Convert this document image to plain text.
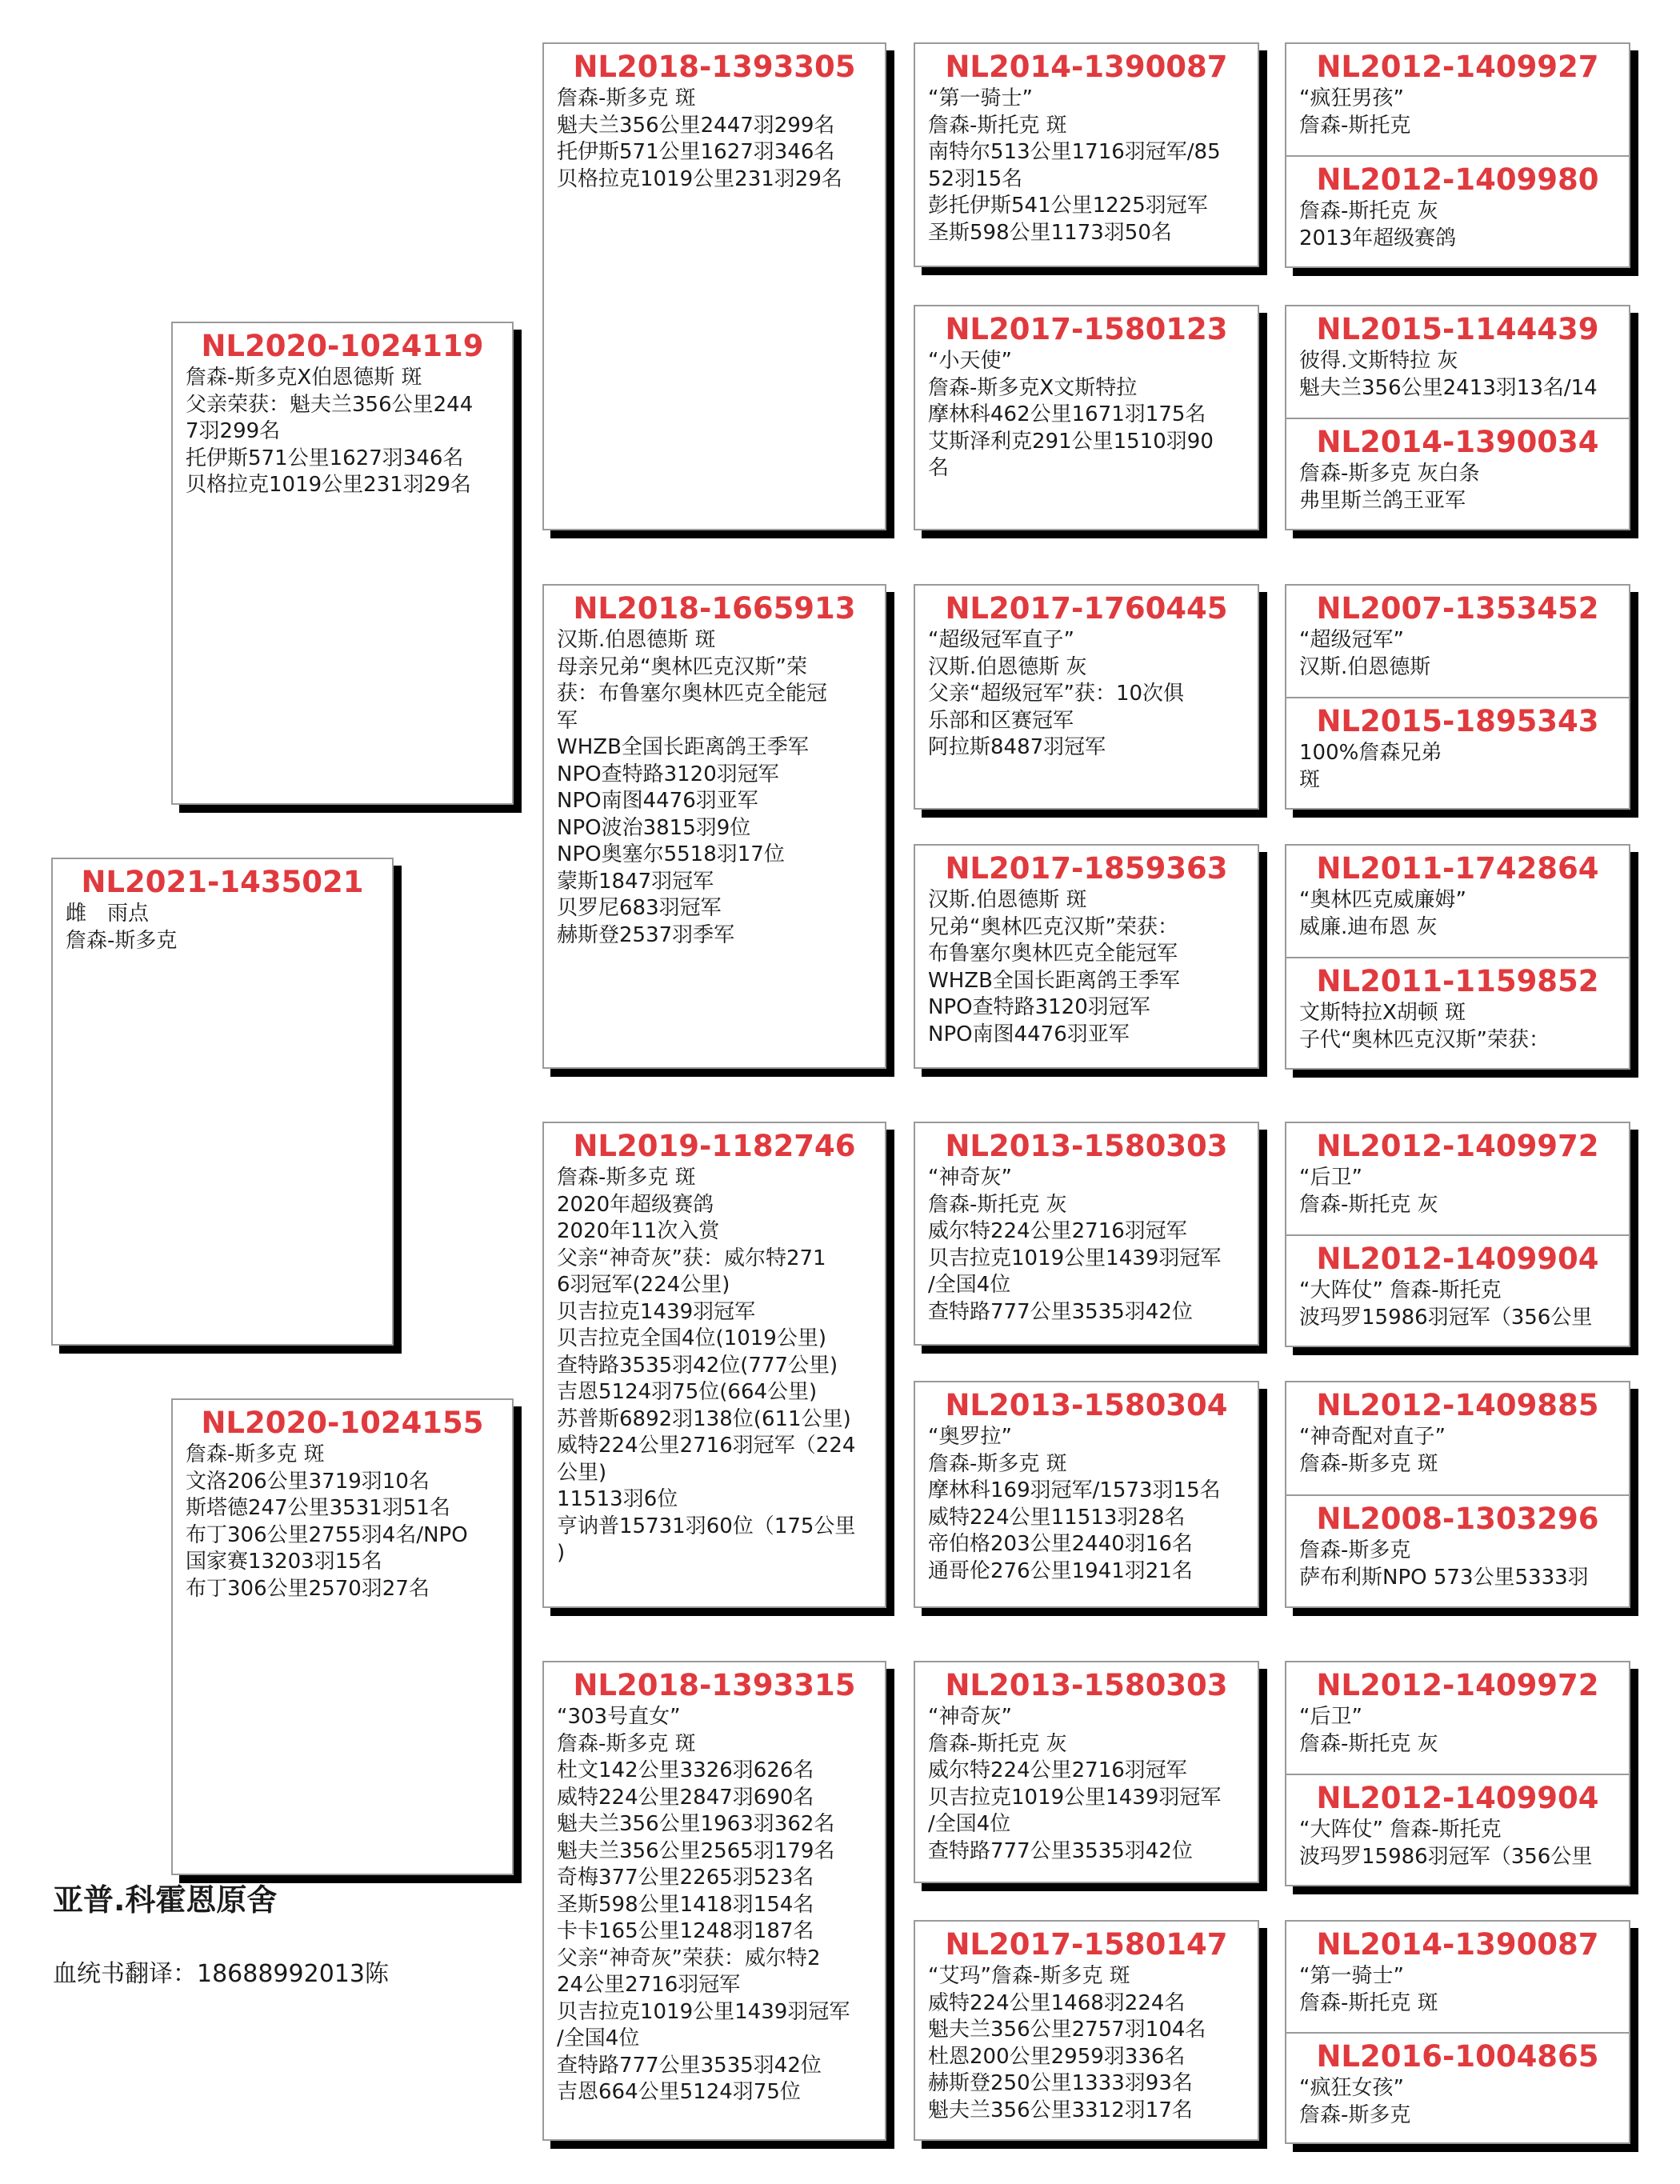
NL2021-1435021
雌　雨点
詹森-斯多克
NL2020-1024119
詹森-斯多克X伯恩德斯 斑
父亲荣获：魁夫兰356公里244
7羽299名
托伊斯571公里1627羽346名
贝格拉克1019公里231羽29名
NL2020-1024155
詹森-斯多克 斑
文洛206公里3719羽10名
斯塔德247公里3531羽51名
布丁306公里2755羽4名/NPO
国家赛13203羽15名
布丁306公里2570羽27名
NL2018-1393305
詹森-斯多克 斑
魁夫兰356公里2447羽299名
托伊斯571公里1627羽346名
贝格拉克1019公里231羽29名
NL2018-1665913
汉斯.伯恩德斯 斑
母亲兄弟“奥林匹克汉斯”荣
获：布鲁塞尔奥林匹克全能冠
军
WHZB全国长距离鸽王季军
NPO查特路3120羽冠军
NPO南图4476羽亚军
NPO波治3815羽9位
NPO奥塞尔5518羽17位
蒙斯1847羽冠军
贝罗尼683羽冠军
赫斯登2537羽季军
NL2019-1182746
詹森-斯多克 斑
2020年超级赛鸽
2020年11次入赏
父亲“神奇灰”获：威尔特271
6羽冠军(224公里)
贝吉拉克1439羽冠军
贝吉拉克全国4位(1019公里)
查特路3535羽42位(777公里)
吉恩5124羽75位(664公里)
苏普斯6892羽138位(611公里)
威特224公里2716羽冠军（224
公里)
11513羽6位
亨讷普15731羽60位（175公里
)
NL2018-1393315
“303号直女”
詹森-斯多克 斑
杜文142公里3326羽626名
威特224公里2847羽690名
魁夫兰356公里1963羽362名
魁夫兰356公里2565羽179名
奇梅377公里2265羽523名
圣斯598公里1418羽154名
卡卡165公里1248羽187名
父亲“神奇灰”荣获：威尔特2
24公里2716羽冠军
贝吉拉克1019公里1439羽冠军
/全国4位
查特路777公里3535羽42位
吉恩664公里5124羽75位
NL2014-1390087
“第一骑士”
詹森-斯托克 斑
南特尔513公里1716羽冠军/85
52羽15名
彭托伊斯541公里1225羽冠军
圣斯598公里1173羽50名
NL2017-1580123
“小天使”
詹森-斯多克X文斯特拉
摩林科462公里1671羽175名
艾斯泽利克291公里1510羽90
名
NL2017-1760445
“超级冠军直子”
汉斯.伯恩德斯 灰
父亲“超级冠军”获：10次俱
乐部和区赛冠军
阿拉斯8487羽冠军
NL2017-1859363
汉斯.伯恩德斯 斑
兄弟“奥林匹克汉斯”荣获：
布鲁塞尔奥林匹克全能冠军
WHZB全国长距离鸽王季军
NPO查特路3120羽冠军
NPO南图4476羽亚军
NL2013-1580303
“神奇灰”
詹森-斯托克 灰
威尔特224公里2716羽冠军
贝吉拉克1019公里1439羽冠军
/全国4位
查特路777公里3535羽42位
NL2013-1580304
“奥罗拉”
詹森-斯多克 斑
摩林科169羽冠军/1573羽15名
威特224公里11513羽28名
帝伯格203公里2440羽16名
通哥伦276公里1941羽21名
NL2013-1580303
“神奇灰”
詹森-斯托克 灰
威尔特224公里2716羽冠军
贝吉拉克1019公里1439羽冠军
/全国4位
查特路777公里3535羽42位
NL2017-1580147
“艾玛”詹森-斯多克 斑
威特224公里1468羽224名
魁夫兰356公里2757羽104名
杜恩200公里2959羽336名
赫斯登250公里1333羽93名
魁夫兰356公里3312羽17名
NL2012-1409927
“疯狂男孩”
詹森-斯托克
NL2012-1409980
詹森-斯托克 灰
2013年超级赛鸽
NL2015-1144439
彼得.文斯特拉 灰
魁夫兰356公里2413羽13名/14
NL2014-1390034
詹森-斯多克 灰白条
弗里斯兰鸽王亚军
NL2007-1353452
“超级冠军”
汉斯.伯恩德斯
NL2015-1895343
100%詹森兄弟
斑
NL2011-1742864
“奥林匹克威廉姆”
威廉.迪布恩 灰
NL2011-1159852
文斯特拉X胡顿 斑
子代“奥林匹克汉斯”荣获：
NL2012-1409972
“后卫”
詹森-斯托克 灰
NL2012-1409904
“大阵仗” 詹森-斯托克
波玛罗15986羽冠军（356公里
NL2012-1409885
“神奇配对直子”
詹森-斯多克 斑
NL2008-1303296
詹森-斯多克
萨布利斯NPO 573公里5333羽
NL2012-1409972
“后卫”
詹森-斯托克 灰
NL2012-1409904
“大阵仗” 詹森-斯托克
波玛罗15986羽冠军（356公里
NL2014-1390087
“第一骑士”
詹森-斯托克 斑
NL2016-1004865
“疯狂女孩”
詹森-斯多克
亚普.科霍恩原舍
血统书翻译：18688992013陈
